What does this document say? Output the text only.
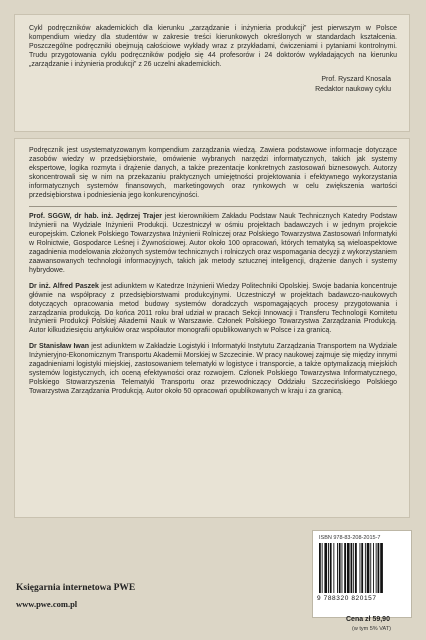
Cykl podręczników akademickich dla kierunku „zarządzanie i inżynieria produkcji” jest pierwszym w Polsce kompendium wiedzy dla studentów w zakresie treści kierunkowych określonych w standardach kształcenia. Poszczególne podręczniki obejmują całościowe wykłady wraz z przykładami, ćwiczeniami i pytaniami kontrolnymi. Trudu przygotowania cyklu podręczników podjęło się 44 profesorów i 24 doktorów wykładających na kierunku „zarządzanie i inżynieria produkcji” z 26 uczelni akademickich.

Prof. Ryszard Knosala
Redaktor naukowy cyklu

Podręcznik jest usystematyzowanym kompendium zarządzania wiedzą. Zawiera podstawowe informacje dotyczące zasobów wiedzy w przedsiębiorstwie, omówienie wybranych narzędzi informatycznych, takich jak systemy ekspertowe, logika rozmyta i drążenie danych, a także prezentacje konkretnych zastosowań biznesowych. Autorzy skoncentrowali się w nim na przekazaniu praktycznych umiejętności projektowania i efektywnego wykorzystania informatycznych systemów finansowych, marketingowych oraz rynkowych w celu zwiększenia wartości przedsiębiorstwa i podniesienia jego konkurencyjności.

Prof. SGGW, dr hab. inż. Jędrzej Trajer jest kierownikiem Zakładu Podstaw Nauk Technicznych Katedry Podstaw Inżynierii na Wydziale Inżynierii Produkcji. Uczestniczył w ośmiu projektach badawczych i w jednym projekcie europejskim. Członek Polskiego Towarzystwa Inżynierii Rolniczej oraz Polskiego Towarzystwa Zastosowań Informatyki w Rolnictwie, Gospodarce Leśnej i Żywnościowej. Autor około 100 opracowań, których tematyką są wieloaspektowe zagadnienia modelowania złożonych systemów technicznych i rolniczych oraz wspomagania decyzji z wykorzystaniem zaawansowanych technologii informacyjnych, takich jak metody sztucznej inteligencji, drążenie danych i systemy hybrydowe.

Dr inż. Alfred Paszek jest adiunktem w Katedrze Inżynierii Wiedzy Politechniki Opolskiej. Swoje badania koncentruje głównie na współpracy z przedsiębiorstwami produkcyjnymi. Uczestniczył w projektach badawczo-naukowych dotyczących opracowania metod budowy systemów doradczych wspomagających procesy przygotowania i zarządzania produkcją. Do końca 2011 roku brał udział w pracach Sekcji Innowacji i Transferu Technologii Komitetu Inżynierii Produkcji Polskiej Akademii Nauk w Warszawie. Członek Polskiego Towarzystwa Zarządzania Produkcją. Autor kilkudziesięciu artykułów oraz współautor monografii opublikowanych w Polsce i za granicą.

Dr Stanisław Iwan jest adiunktem w Zakładzie Logistyki i Informatyki Instytutu Zarządzania Transportem na Wydziale Inżynieryjno-Ekonomicznym Transportu Akademii Morskiej w Szczecinie. W pracy naukowej zajmuje się między innymi zagadnieniami logistyki miejskiej, zastosowaniem telematyki w logistyce i transporcie, a także optymalizacją miejskich systemów logistycznych, ich oceną efektywności oraz rozwojem. Członek Polskiego Towarzystwa Informatycznego, Polskiego Stowarzyszenia Telematyki Transportu oraz przewodniczący Oddziału Szczecińskiego Polskiego Towarzystwa Zarządzania Produkcją. Autor około 50 opracowań opublikowanych w kraju i za granicą.

Księgarnia internetowa PWE
www.pwe.com.pl
ISBN 978-83-208-2015-7
9 788320 820157
Cena zł 59,90
(w tym 5% VAT)
